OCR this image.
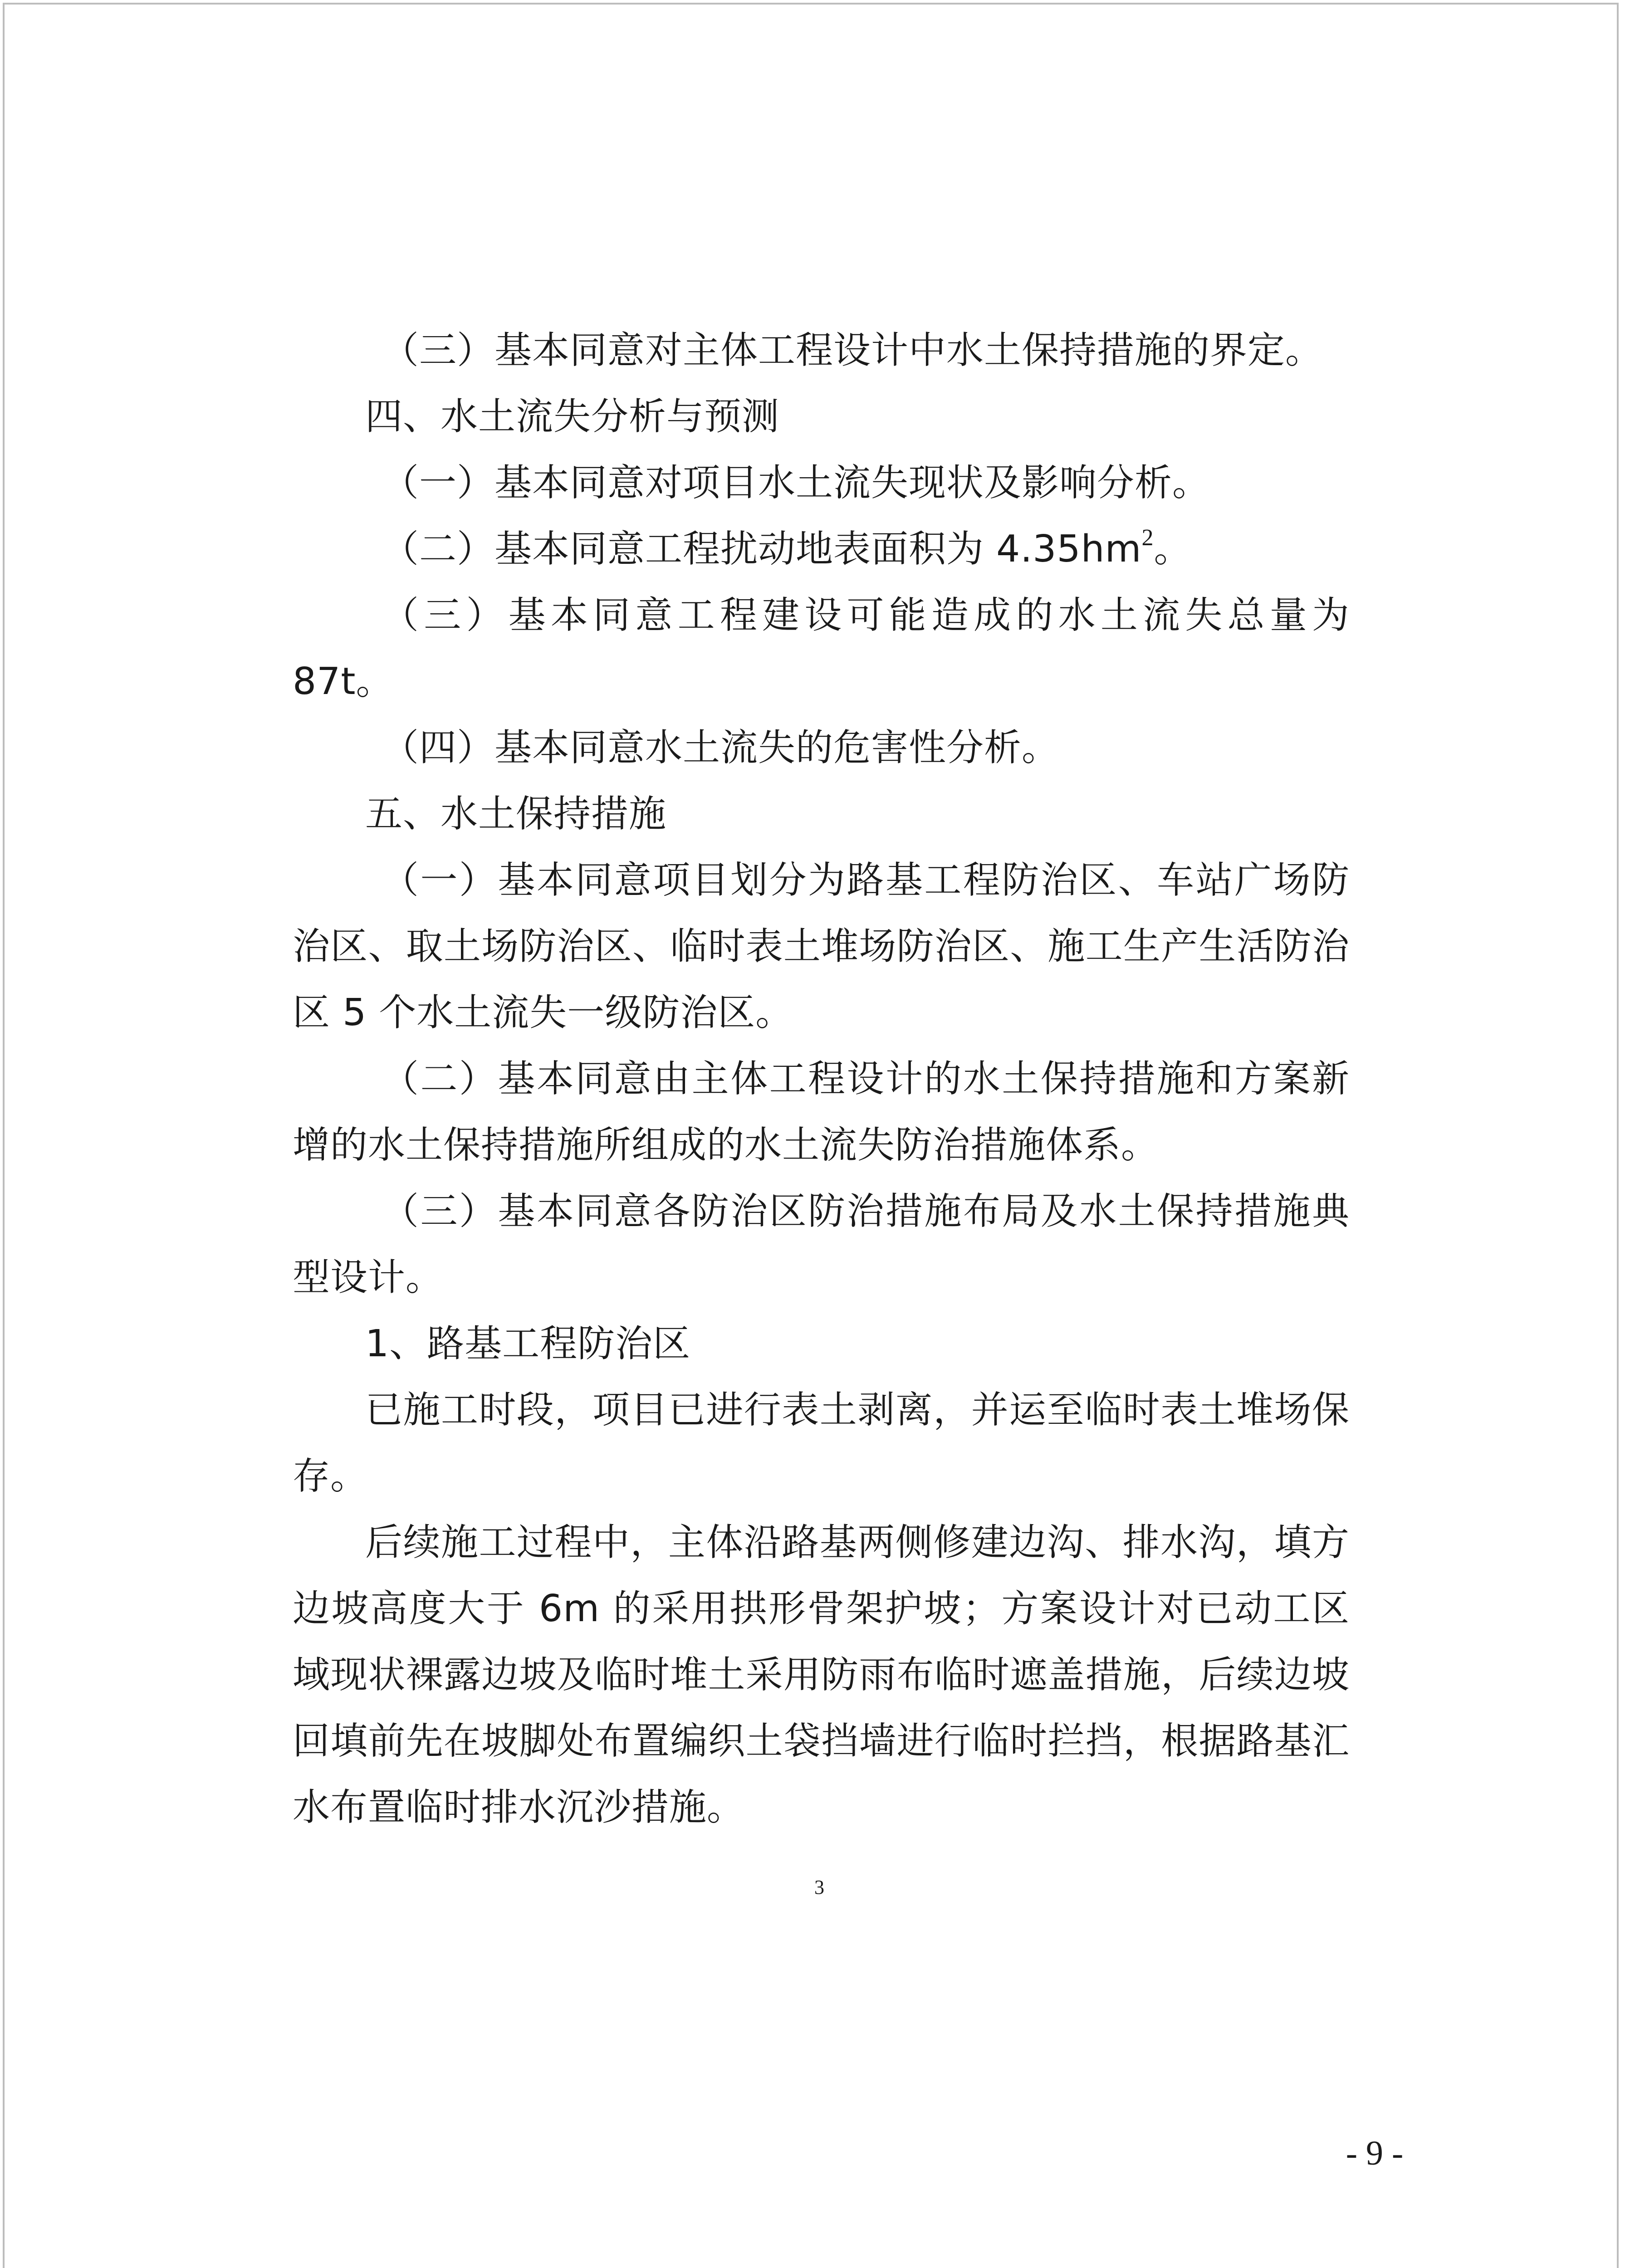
（三）基本同意对主体工程设计中水土保持措施的界定。

四、水土流失分析与预测

（一）基本同意对项目水土流失现状及影响分析。

（二）基本同意工程扰动地表面积为 $4.35hm^2$。

（三）基本同意工程建设可能造成的水土流失总量为 87t。

（四）基本同意水土流失的危害性分析。

五、水土保持措施

（一）基本同意项目划分为路基工程防治区、车站广场防治区、取土场防治区、临时表土堆场防治区、施工生产生活防治区 5 个水土流失一级防治区。

（二）基本同意由主体工程设计的水土保持措施和方案新增的水土保持措施所组成的水土流失防治措施体系。

（三）基本同意各防治区防治措施布局及水土保持措施典型设计。

1、路基工程防治区

已施工时段，项目已进行表土剥离，并运至临时表土堆场保存。

后续施工过程中，主体沿路基两侧修建边沟、排水沟，填方边坡高度大于 6m 的采用拱形骨架护坡；方案设计对已动工区域现状裸露边坡及临时堆土采用防雨布临时遮盖措施，后续边坡回填前先在坡脚处布置编织土袋挡墙进行临时拦挡，根据路基汇水布置临时排水沉沙措施。

3
- 9 -
